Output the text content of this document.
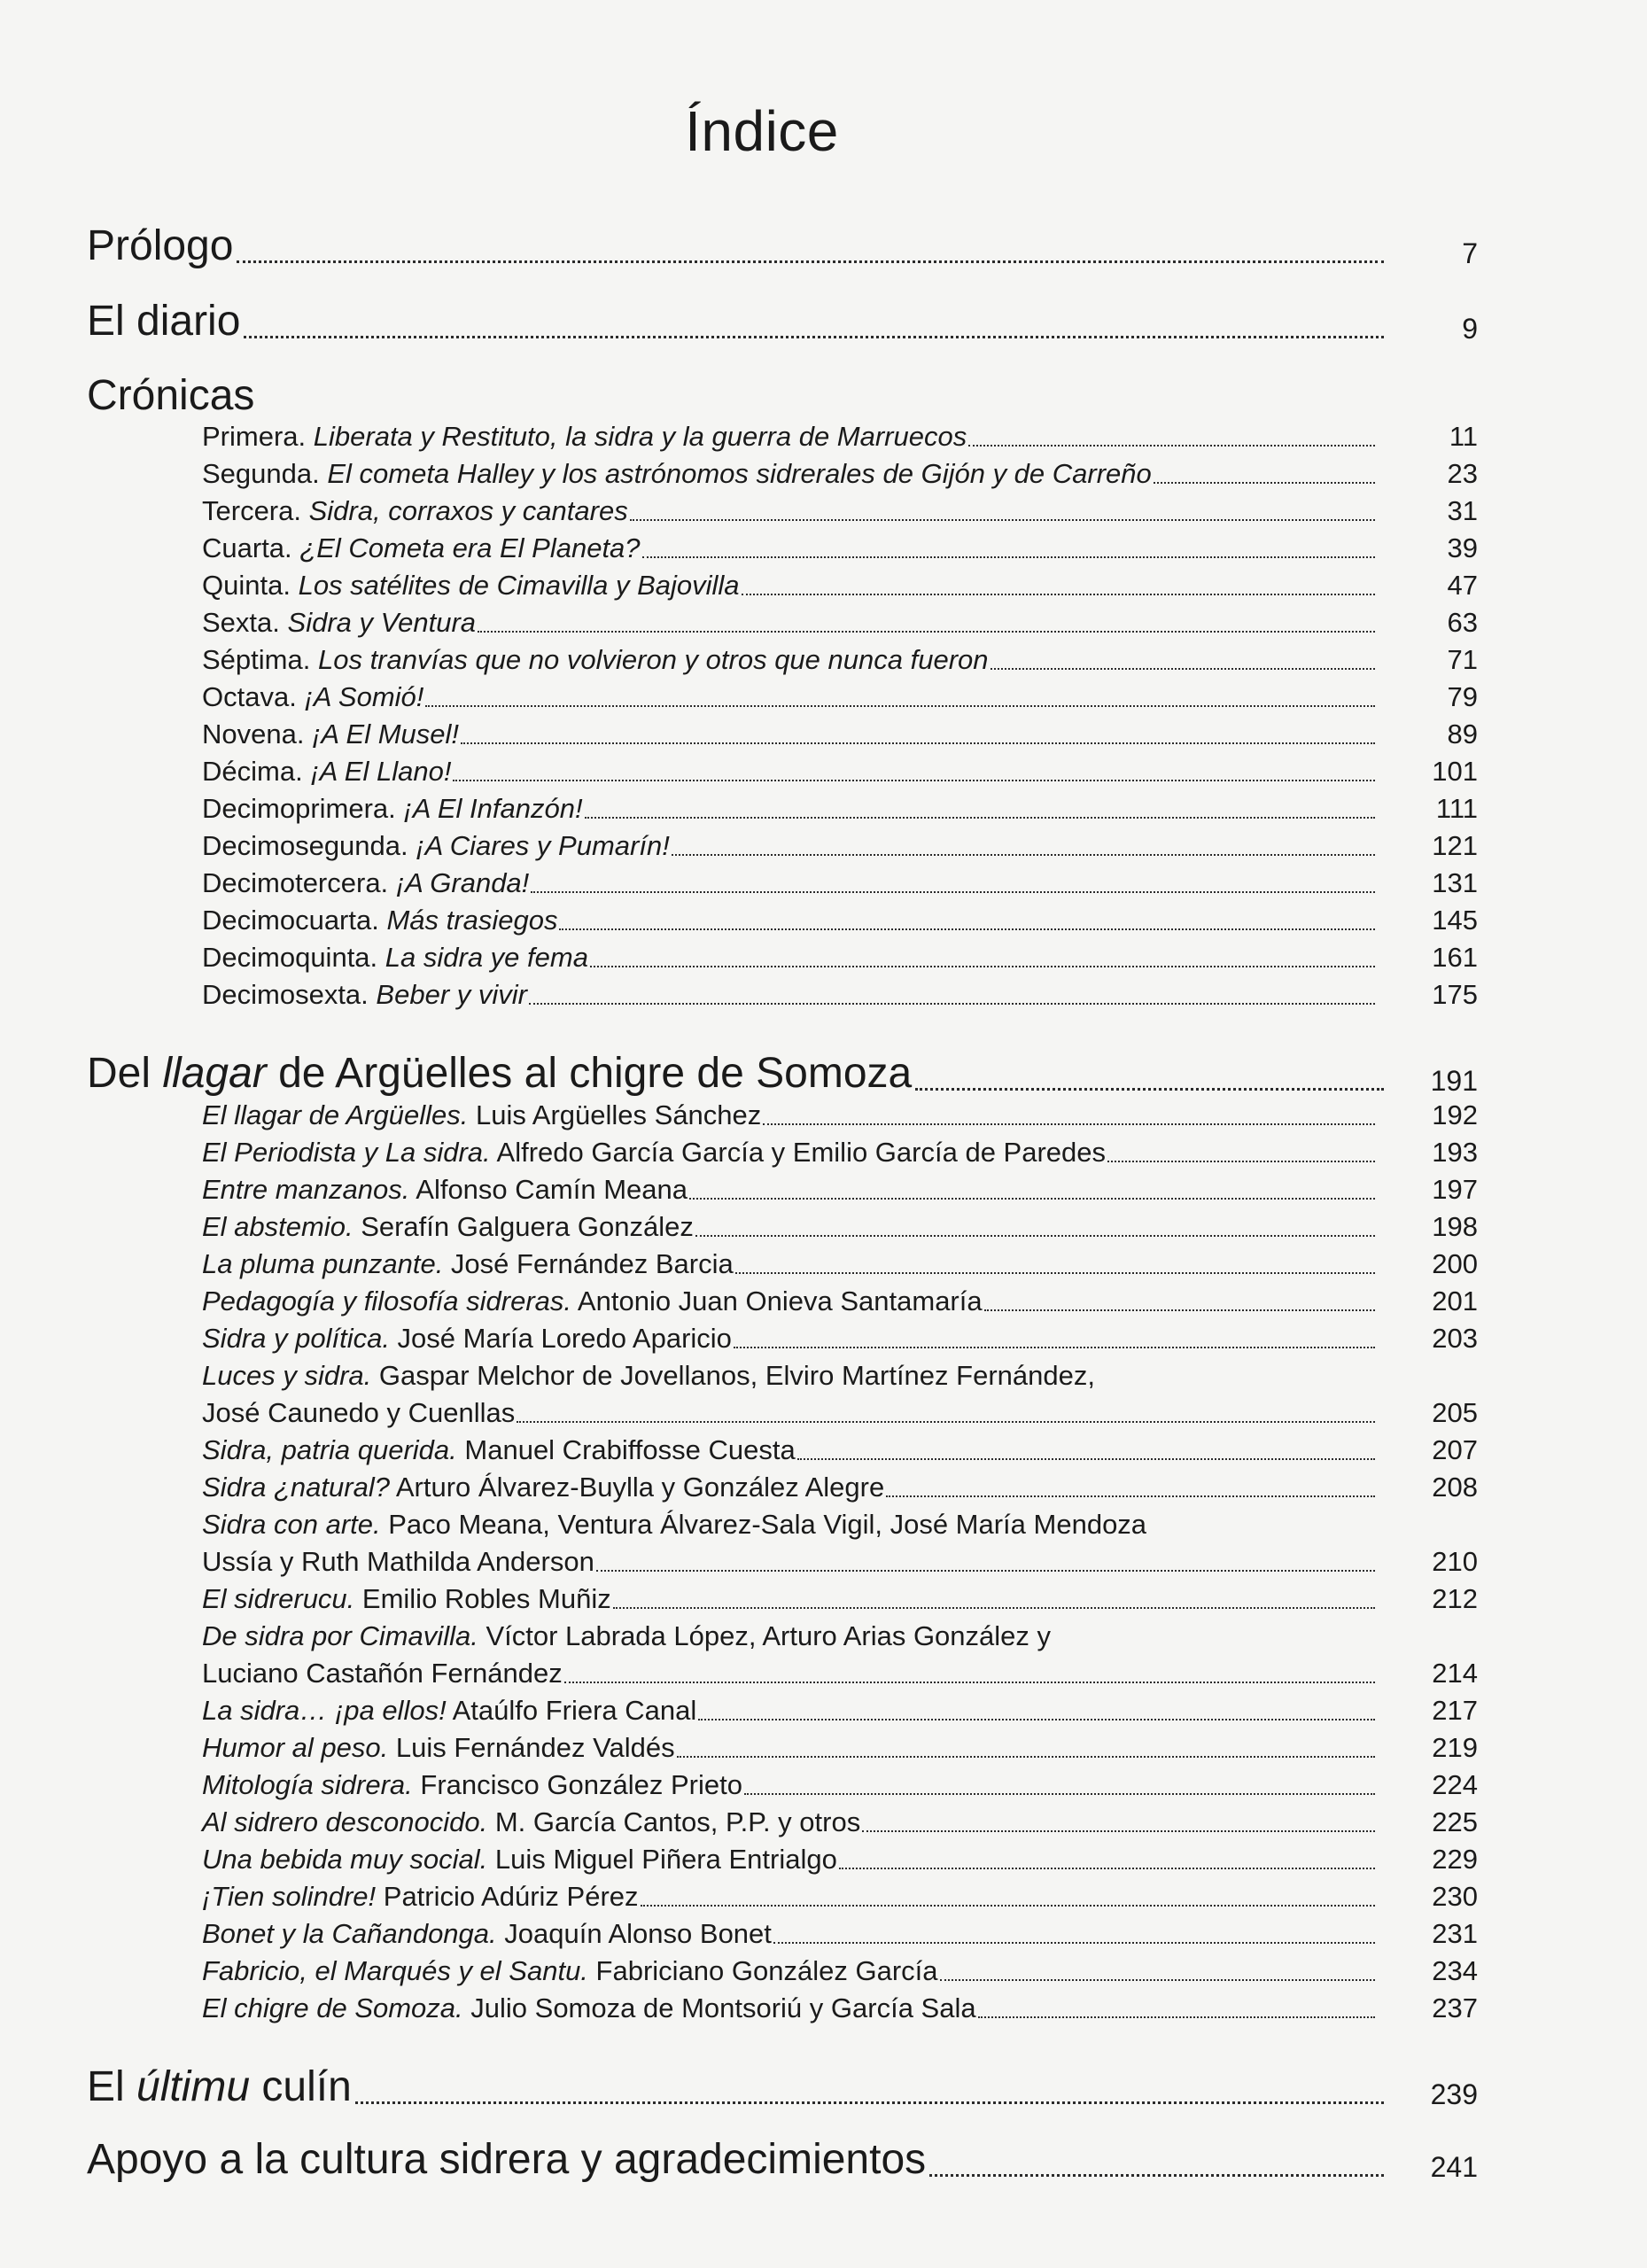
Índice
Prólogo	7
El diario	9
Crónicas
Primera. Liberata y Restituto, la sidra y la guerra de Marruecos	11
Segunda. El cometa Halley y los astrónomos sidrerales de Gijón y de Carreño	23
Tercera. Sidra, corraxos y cantares	31
Cuarta. ¿El Cometa era El Planeta?	39
Quinta. Los satélites de Cimavilla y Bajovilla	47
Sexta. Sidra y Ventura	63
Séptima. Los tranvías que no volvieron y otros que nunca fueron	71
Octava. ¡A Somió!	79
Novena. ¡A El Musel!	89
Décima. ¡A El Llano!	101
Decimoprimera. ¡A El Infanzón!	111
Decimosegunda. ¡A Ciares y Pumarín!	121
Decimotercera. ¡A Granda!	131
Decimocuarta. Más trasiegos	145
Decimoquinta. La sidra ye fema	161
Decimosexta. Beber y vivir	175
Del llagar de Argüelles al chigre de Somoza	191
El llagar de Argüelles. Luis Argüelles Sánchez	192
El Periodista y La sidra. Alfredo García García y Emilio García de Paredes	193
Entre manzanos. Alfonso Camín Meana	197
El abstemio. Serafín Galguera González	198
La pluma punzante. José Fernández Barcia	200
Pedagogía y filosofía sidreras. Antonio Juan Onieva Santamaría	201
Sidra y política. José María Loredo Aparicio	203
Luces y sidra. Gaspar Melchor de Jovellanos, Elviro Martínez Fernández,
José Caunedo y Cuenllas	205
Sidra, patria querida. Manuel Crabiffosse Cuesta	207
Sidra ¿natural? Arturo Álvarez-Buylla y González Alegre	208
Sidra con arte. Paco Meana, Ventura Álvarez-Sala Vigil, José María Mendoza
Ussía y Ruth Mathilda Anderson	210
El sidrerucu. Emilio Robles Muñiz	212
De sidra por Cimavilla. Víctor Labrada López, Arturo Arias González y
Luciano Castañón Fernández	214
La sidra… ¡pa ellos! Ataúlfo Friera Canal	217
Humor al peso. Luis Fernández Valdés	219
Mitología sidrera. Francisco González Prieto	224
Al sidrero desconocido. M. García Cantos, P.P. y otros	225
Una bebida muy social. Luis Miguel Piñera Entrialgo	229
¡Tien solindre! Patricio Adúriz Pérez	230
Bonet y la Cañandonga. Joaquín Alonso Bonet	231
Fabricio, el Marqués y el Santu. Fabriciano González García	234
El chigre de Somoza. Julio Somoza de Montsoriú y García Sala	237
El últimu culín	239
Apoyo a la cultura sidrera y agradecimientos	241
